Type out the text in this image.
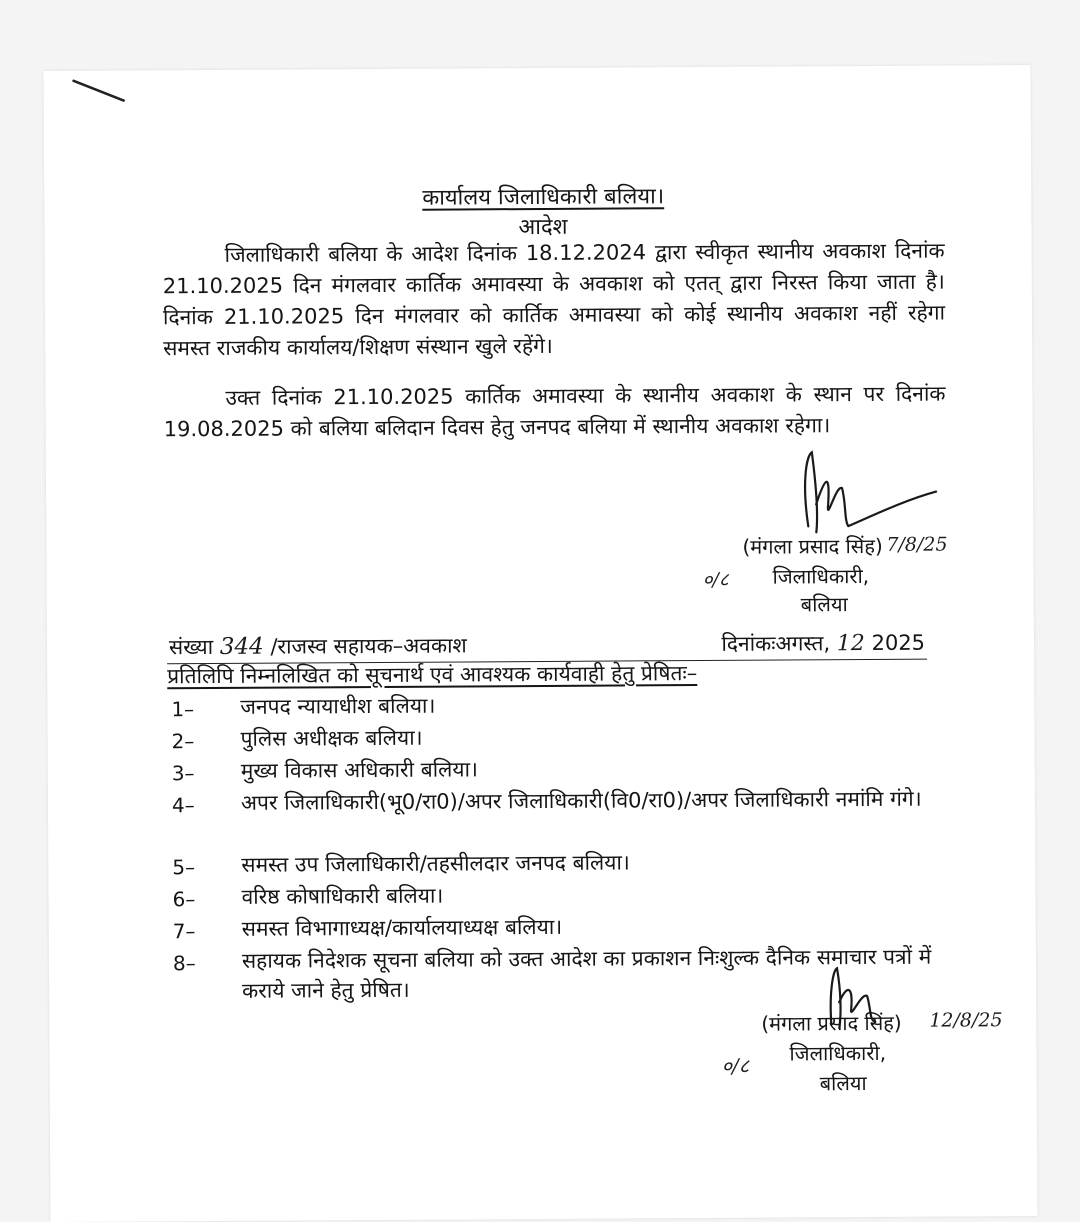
कार्यालय जिलाधिकारी बलिया।
आदेश
जिलाधिकारी बलिया के आदेश दिनांक 18.12.2024 द्वारा स्वीकृत स्थानीय अवकाश दिनांक 21.10.2025 दिन मंगलवार कार्तिक अमावस्या के अवकाश को एतत् द्वारा निरस्त किया जाता है। दिनांक 21.10.2025 दिन मंगलवार को कार्तिक अमावस्या को कोई स्थानीय अवकाश नहीं रहेगा समस्त राजकीय कार्यालय/शिक्षण संस्थान खुले रहेंगे।
उक्त दिनांक 21.10.2025 कार्तिक अमावस्या के स्थानीय अवकाश के स्थान पर दिनांक 19.08.2025 को बलिया बलिदान दिवस हेतु जनपद बलिया में स्थानीय अवकाश रहेगा।
(मंगला प्रसाद सिंह) 7/8/25
०/८ जिलाधिकारी,
बलिया
संख्या 344 /राजस्व सहायक–अवकाश	दिनांकःअगस्त, 12 2025
प्रतिलिपि निम्नलिखित को सूचनार्थ एवं आवश्यक कार्यवाही हेतु प्रेषितः–
1– जनपद न्यायाधीश बलिया।
2– पुलिस अधीक्षक बलिया।
3– मुख्य विकास अधिकारी बलिया।
4– अपर जिलाधिकारी(भू0/रा0)/अपर जिलाधिकारी(वि0/रा0)/अपर जिलाधिकारी नमांमि गंगे।
5– समस्त उप जिलाधिकारी/तहसीलदार जनपद बलिया।
6– वरिष्ठ कोषाधिकारी बलिया।
7– समस्त विभागाध्यक्ष/कार्यालयाध्यक्ष बलिया।
8– सहायक निदेशक सूचना बलिया को उक्त आदेश का प्रकाशन निःशुल्क दैनिक समाचार पत्रों में कराये जाने हेतु प्रेषित।
(मंगला प्रसाद सिंह) 12/8/25
०/८
जिलाधिकारी,
बलिया
